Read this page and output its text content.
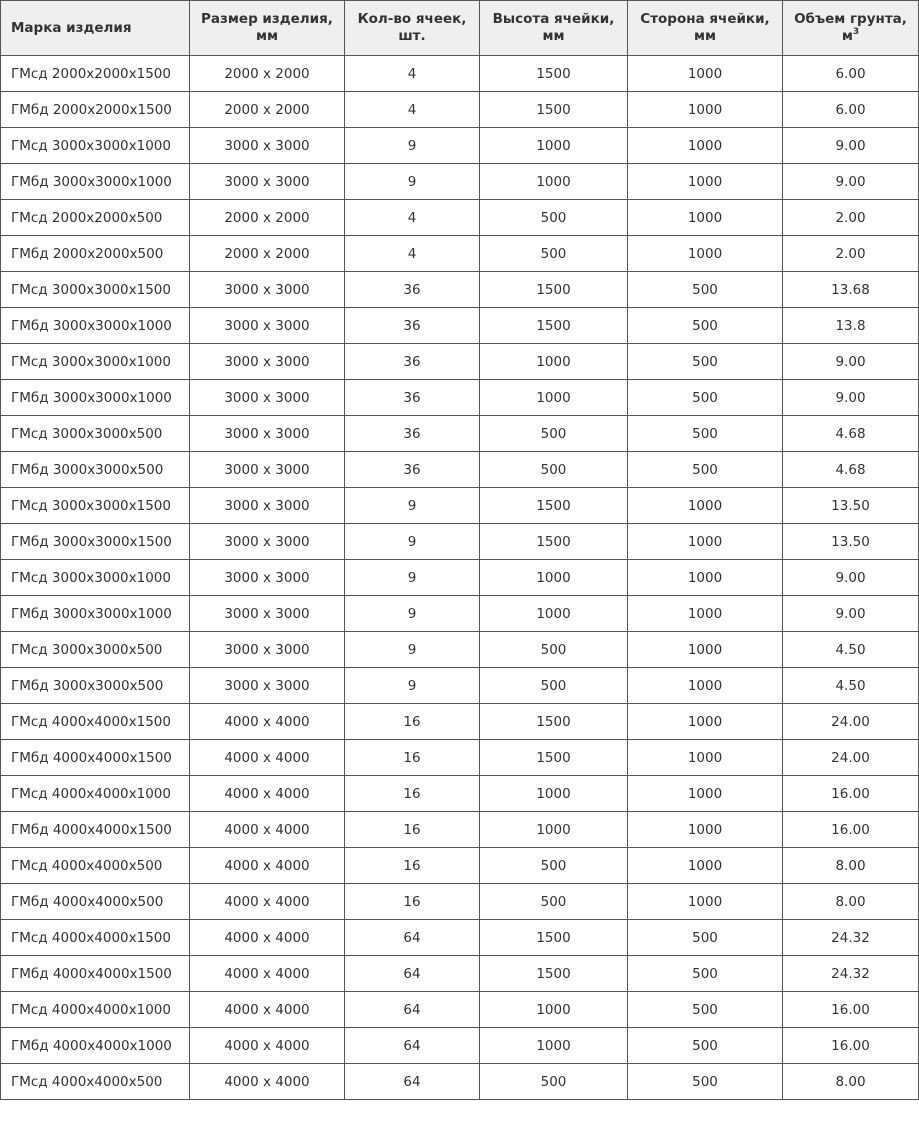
Марка изделия	Размер изделия, мм	Кол-во ячеек, шт.	Высота ячейки, мм	Сторона ячейки, мм	Объем грунта, $м^3$
ГМсд 2000х2000х1500	2000 х 2000	4	1500	1000	6.00
ГМбд 2000х2000х1500	2000 х 2000	4	1500	1000	6.00
ГМсд 3000х3000х1000	3000 х 3000	9	1000	1000	9.00
ГМбд 3000х3000х1000	3000 х 3000	9	1000	1000	9.00
ГМсд 2000х2000х500	2000 х 2000	4	500	1000	2.00
ГМбд 2000х2000х500	2000 х 2000	4	500	1000	2.00
ГМсд 3000х3000х1500	3000 х 3000	36	1500	500	13.68
ГМбд 3000х3000х1000	3000 х 3000	36	1500	500	13.8
ГМсд 3000х3000х1000	3000 х 3000	36	1000	500	9.00
ГМбд 3000х3000х1000	3000 х 3000	36	1000	500	9.00
ГМсд 3000х3000х500	3000 х 3000	36	500	500	4.68
ГМбд 3000х3000х500	3000 х 3000	36	500	500	4.68
ГМсд 3000х3000х1500	3000 х 3000	9	1500	1000	13.50
ГМбд 3000х3000х1500	3000 х 3000	9	1500	1000	13.50
ГМсд 3000х3000х1000	3000 х 3000	9	1000	1000	9.00
ГМбд 3000х3000х1000	3000 х 3000	9	1000	1000	9.00
ГМсд 3000х3000х500	3000 х 3000	9	500	1000	4.50
ГМбд 3000х3000х500	3000 х 3000	9	500	1000	4.50
ГМсд 4000х4000х1500	4000 х 4000	16	1500	1000	24.00
ГМбд 4000х4000х1500	4000 х 4000	16	1500	1000	24.00
ГМсд 4000х4000х1000	4000 х 4000	16	1000	1000	16.00
ГМбд 4000х4000х1500	4000 х 4000	16	1000	1000	16.00
ГМсд 4000х4000х500	4000 х 4000	16	500	1000	8.00
ГМбд 4000х4000х500	4000 х 4000	16	500	1000	8.00
ГМсд 4000х4000х1500	4000 х 4000	64	1500	500	24.32
ГМбд 4000х4000х1500	4000 х 4000	64	1500	500	24.32
ГМсд 4000х4000х1000	4000 х 4000	64	1000	500	16.00
ГМбд 4000х4000х1000	4000 х 4000	64	1000	500	16.00
ГМсд 4000х4000х500	4000 х 4000	64	500	500	8.00
